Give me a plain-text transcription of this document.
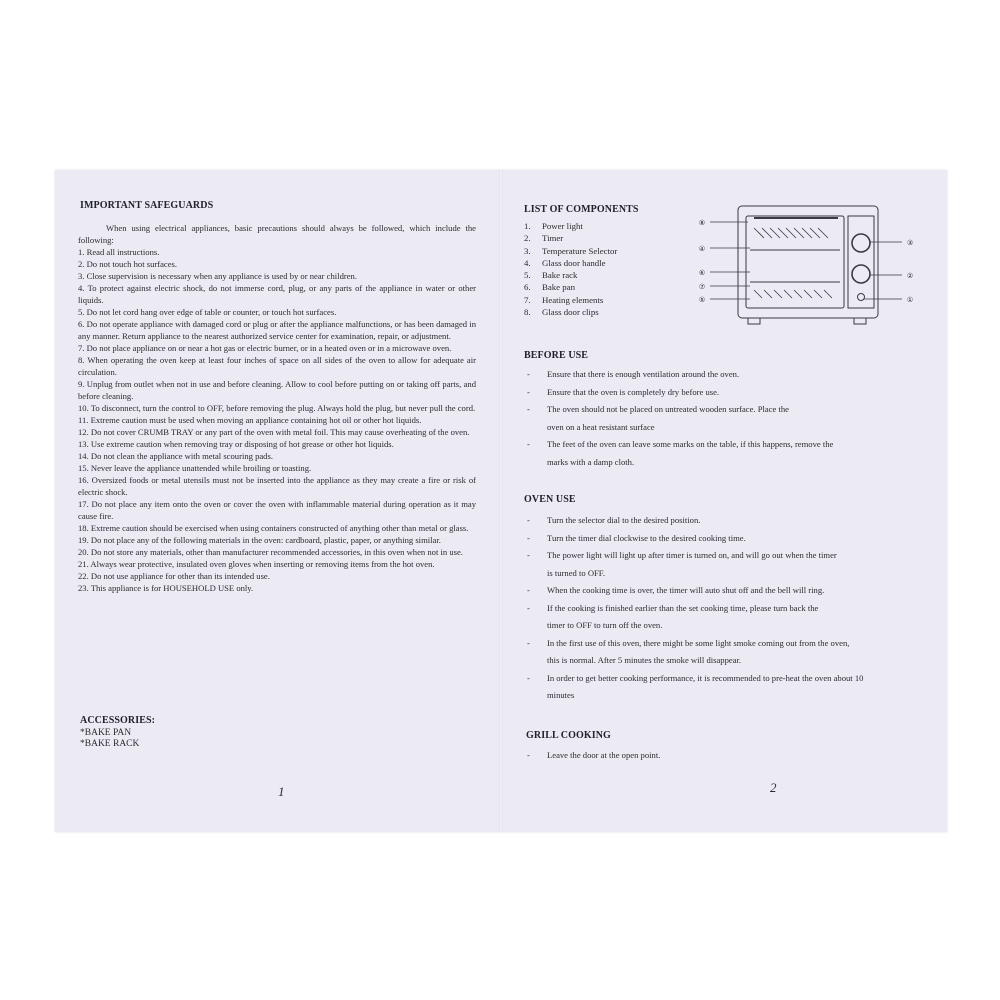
IMPORTANT SAFEGUARDS

When using electrical appliances, basic precautions should always be followed, which include the following:

1. Read all instructions.

2. Do not touch hot surfaces.

3. Close supervision is necessary when any appliance is used by or near children.

4. To protect against electric shock, do not immerse cord, plug, or any parts of the appliance in water or other liquids.

5. Do not let cord hang over edge of table or counter, or touch hot surfaces.

6. Do not operate appliance with damaged cord or plug or after the appliance malfunctions, or has been damaged in any manner. Return appliance to the nearest authorized service center for examination, repair, or adjustment.

7. Do not place appliance on or near a hot gas or electric burner, or in a heated oven or in a microwave oven.

8. When operating the oven keep at least four inches of space on all sides of the oven to allow for adequate air circulation.

9. Unplug from outlet when not in use and before cleaning. Allow to cool before putting on or taking off parts, and before cleaning.

10. To disconnect, turn the control to OFF, before removing the plug. Always hold the plug, but never pull the cord.

11. Extreme caution must be used when moving an appliance containing hot oil or other hot liquids.

12. Do not cover CRUMB TRAY or any part of the oven with metal foil. This may cause overheating of the oven.

13. Use extreme caution when removing tray or disposing of hot grease or other hot liquids.

14. Do not clean the appliance with metal scouring pads.

15. Never leave the appliance unattended while broiling or toasting.

16. Oversized foods or metal utensils must not be inserted into the appliance as they may create a fire or risk of electric shock.

17. Do not place any item onto the oven or cover the oven with inflammable material during operation as it may cause fire.

18. Extreme caution should be exercised when using containers constructed of anything other than metal or glass.

19. Do not place any of the following materials in the oven: cardboard, plastic, paper, or anything similar.

20. Do not store any materials, other than manufacturer recommended accessories, in this oven when not in use.

21. Always wear protective, insulated oven gloves when inserting or removing items from the hot oven.

22. Do not use appliance for other than its intended use.

23. This appliance is for HOUSEHOLD USE only.

ACCESSORIES:
*BAKE PAN
*BAKE RACK
1
LIST OF COMPONENTS
1.	Power light
2.	Timer
3.	Temperature Selector
4.	Glass door handle
5.	Bake rack
6.	Bake pan
7.	Heating elements
8.	Glass door clips
⑧
④
⑥
⑦
⑤
③
②
①
BEFORE USE
-	Ensure that there is enough ventilation around the oven.
-	Ensure that the oven is completely dry before use.
-	The oven should not be placed on untreated wooden surface. Place the
oven on a heat resistant surface
-	The feet of the oven can leave some marks on the table, if this happens, remove the
marks with a damp cloth.
OVEN USE
-	Turn the selector dial to the desired position.
-	Turn the timer dial clockwise to the desired cooking time.
-	The power light will light up after timer is turned on, and will go out when the timer
is turned to OFF.
-	When the cooking time is over, the timer will auto shut off and the bell will ring.
-	If the cooking is finished earlier than the set cooking time, please turn back the
timer to OFF to turn off the oven.
-	In the first use of this oven, there might be some light smoke coming out from the oven,
this is normal. After 5 minutes the smoke will disappear.
-	In order to get better cooking performance, it is recommended to pre-heat the oven about 10
minutes
GRILL COOKING
-	Leave the door at the open point.
2
